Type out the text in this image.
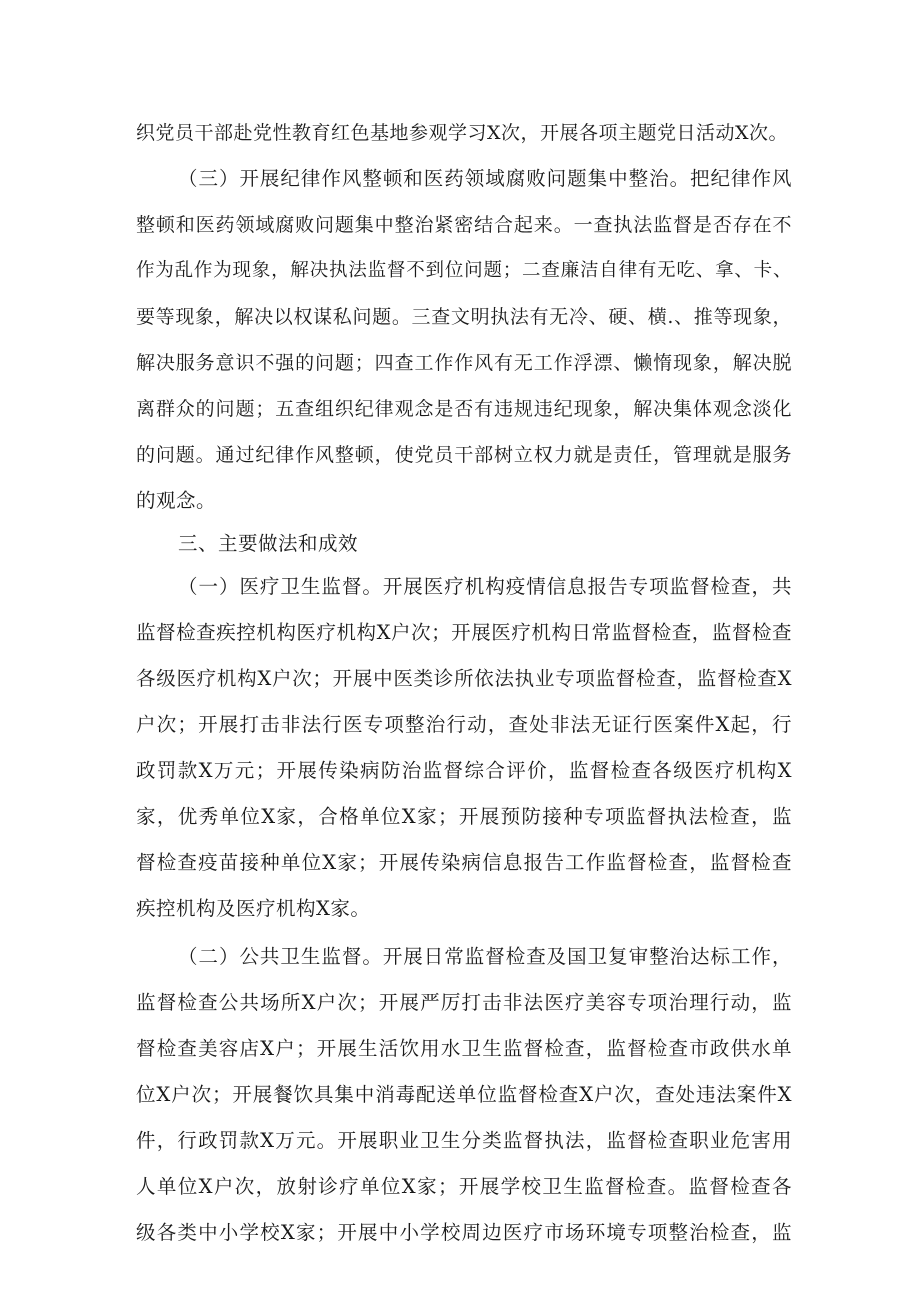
织党员干部赴党性教育红色基地参观学习X次，开展各项主题党日活动X次。
（三）开展纪律作风整顿和医药领域腐败问题集中整治。把纪律作风
整顿和医药领域腐败问题集中整治紧密结合起来。一查执法监督是否存在不
作为乱作为现象，解决执法监督不到位问题；二查廉洁自律有无吃、拿、卡、
要等现象，解决以权谋私问题。三查文明执法有无冷、硬、横.、推等现象，
解决服务意识不强的问题；四查工作作风有无工作浮漂、懒惰现象，解决脱
离群众的问题；五查组织纪律观念是否有违规违纪现象，解决集体观念淡化
的问题。通过纪律作风整顿，使党员干部树立权力就是责任，管理就是服务
的观念。
三、主要做法和成效
（一）医疗卫生监督。开展医疗机构疫情信息报告专项监督检查，共
监督检查疾控机构医疗机构X户次；开展医疗机构日常监督检查，监督检查
各级医疗机构X户次；开展中医类诊所依法执业专项监督检查，监督检查X
户次；开展打击非法行医专项整治行动，查处非法无证行医案件X起，行
政罚款X万元；开展传染病防治监督综合评价，监督检查各级医疗机构X
家，优秀单位X家，合格单位X家；开展预防接种专项监督执法检查，监
督检查疫苗接种单位X家；开展传染病信息报告工作监督检查，监督检查
疾控机构及医疗机构X家。
（二）公共卫生监督。开展日常监督检查及国卫复审整治达标工作，
监督检查公共场所X户次；开展严厉打击非法医疗美容专项治理行动，监
督检查美容店X户；开展生活饮用水卫生监督检查，监督检查市政供水单
位X户次；开展餐饮具集中消毒配送单位监督检查X户次，查处违法案件X
件，行政罚款X万元。开展职业卫生分类监督执法，监督检查职业危害用
人单位X户次，放射诊疗单位X家；开展学校卫生监督检查。监督检查各
级各类中小学校X家；开展中小学校周边医疗市场环境专项整治检查，监
